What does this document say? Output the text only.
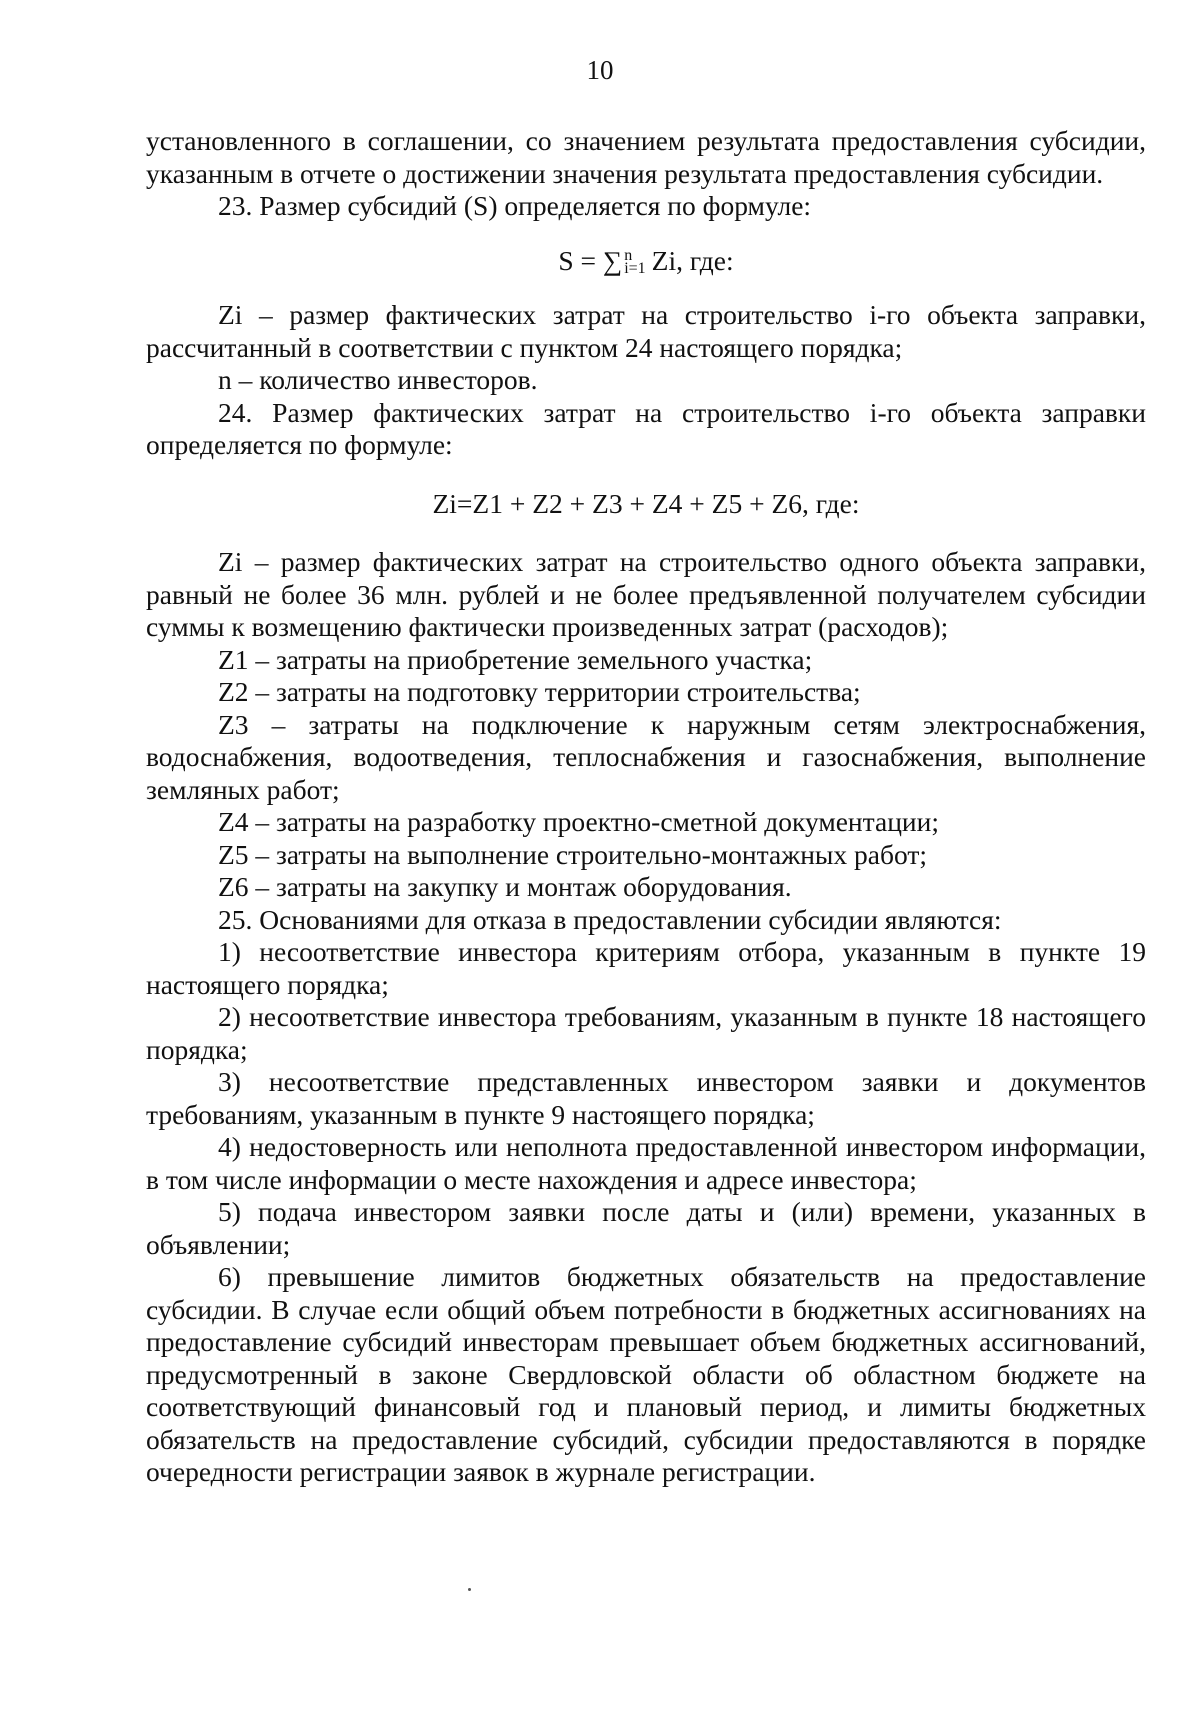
10

установленного в соглашении, со значением результата предоставления субсидии, указанным в отчете о достижении значения результата предоставления субсидии.

23. Размер субсидий (S) определяется по формуле:

S = ∑ n
i=1 Zi, где:

Zi – размер фактических затрат на строительство i-го объекта заправки, рассчитанный в соответствии с пунктом 24 настоящего порядка;

n – количество инвесторов.

24. Размер фактических затрат на строительство i-го объекта заправки определяется по формуле:

Zi=Z1 + Z2 + Z3 + Z4 + Z5 + Z6, где:

Zi – размер фактических затрат на строительство одного объекта заправки, равный не более 36 млн. рублей и не более предъявленной получателем субсидии суммы к возмещению фактически произведенных затрат (расходов);

Z1 – затраты на приобретение земельного участка;

Z2 – затраты на подготовку территории строительства;

Z3 – затраты на подключение к наружным сетям электроснабжения, водоснабжения, водоотведения, теплоснабжения и газоснабжения, выполнение земляных работ;

Z4 – затраты на разработку проектно-сметной документации;

Z5 – затраты на выполнение строительно-монтажных работ;

Z6 – затраты на закупку и монтаж оборудования.

25. Основаниями для отказа в предоставлении субсидии являются:

1) несоответствие инвестора критериям отбора, указанным в пункте 19 настоящего порядка;

2) несоответствие инвестора требованиям, указанным в пункте 18 настоящего порядка;

3) несоответствие представленных инвестором заявки и документов требованиям, указанным в пункте 9 настоящего порядка;

4) недостоверность или неполнота предоставленной инвестором информации, в том числе информации о месте нахождения и адресе инвестора;

5) подача инвестором заявки после даты и (или) времени, указанных в объявлении;

6) превышение лимитов бюджетных обязательств на предоставление субсидии. В случае если общий объем потребности в бюджетных ассигнованиях на предоставление субсидий инвесторам превышает объем бюджетных ассигнований, предусмотренный в законе Свердловской области об областном бюджете на соответствующий финансовый год и плановый период, и лимиты бюджетных обязательств на предоставление субсидий, субсидии предоставляются в порядке очередности регистрации заявок в журнале регистрации.
